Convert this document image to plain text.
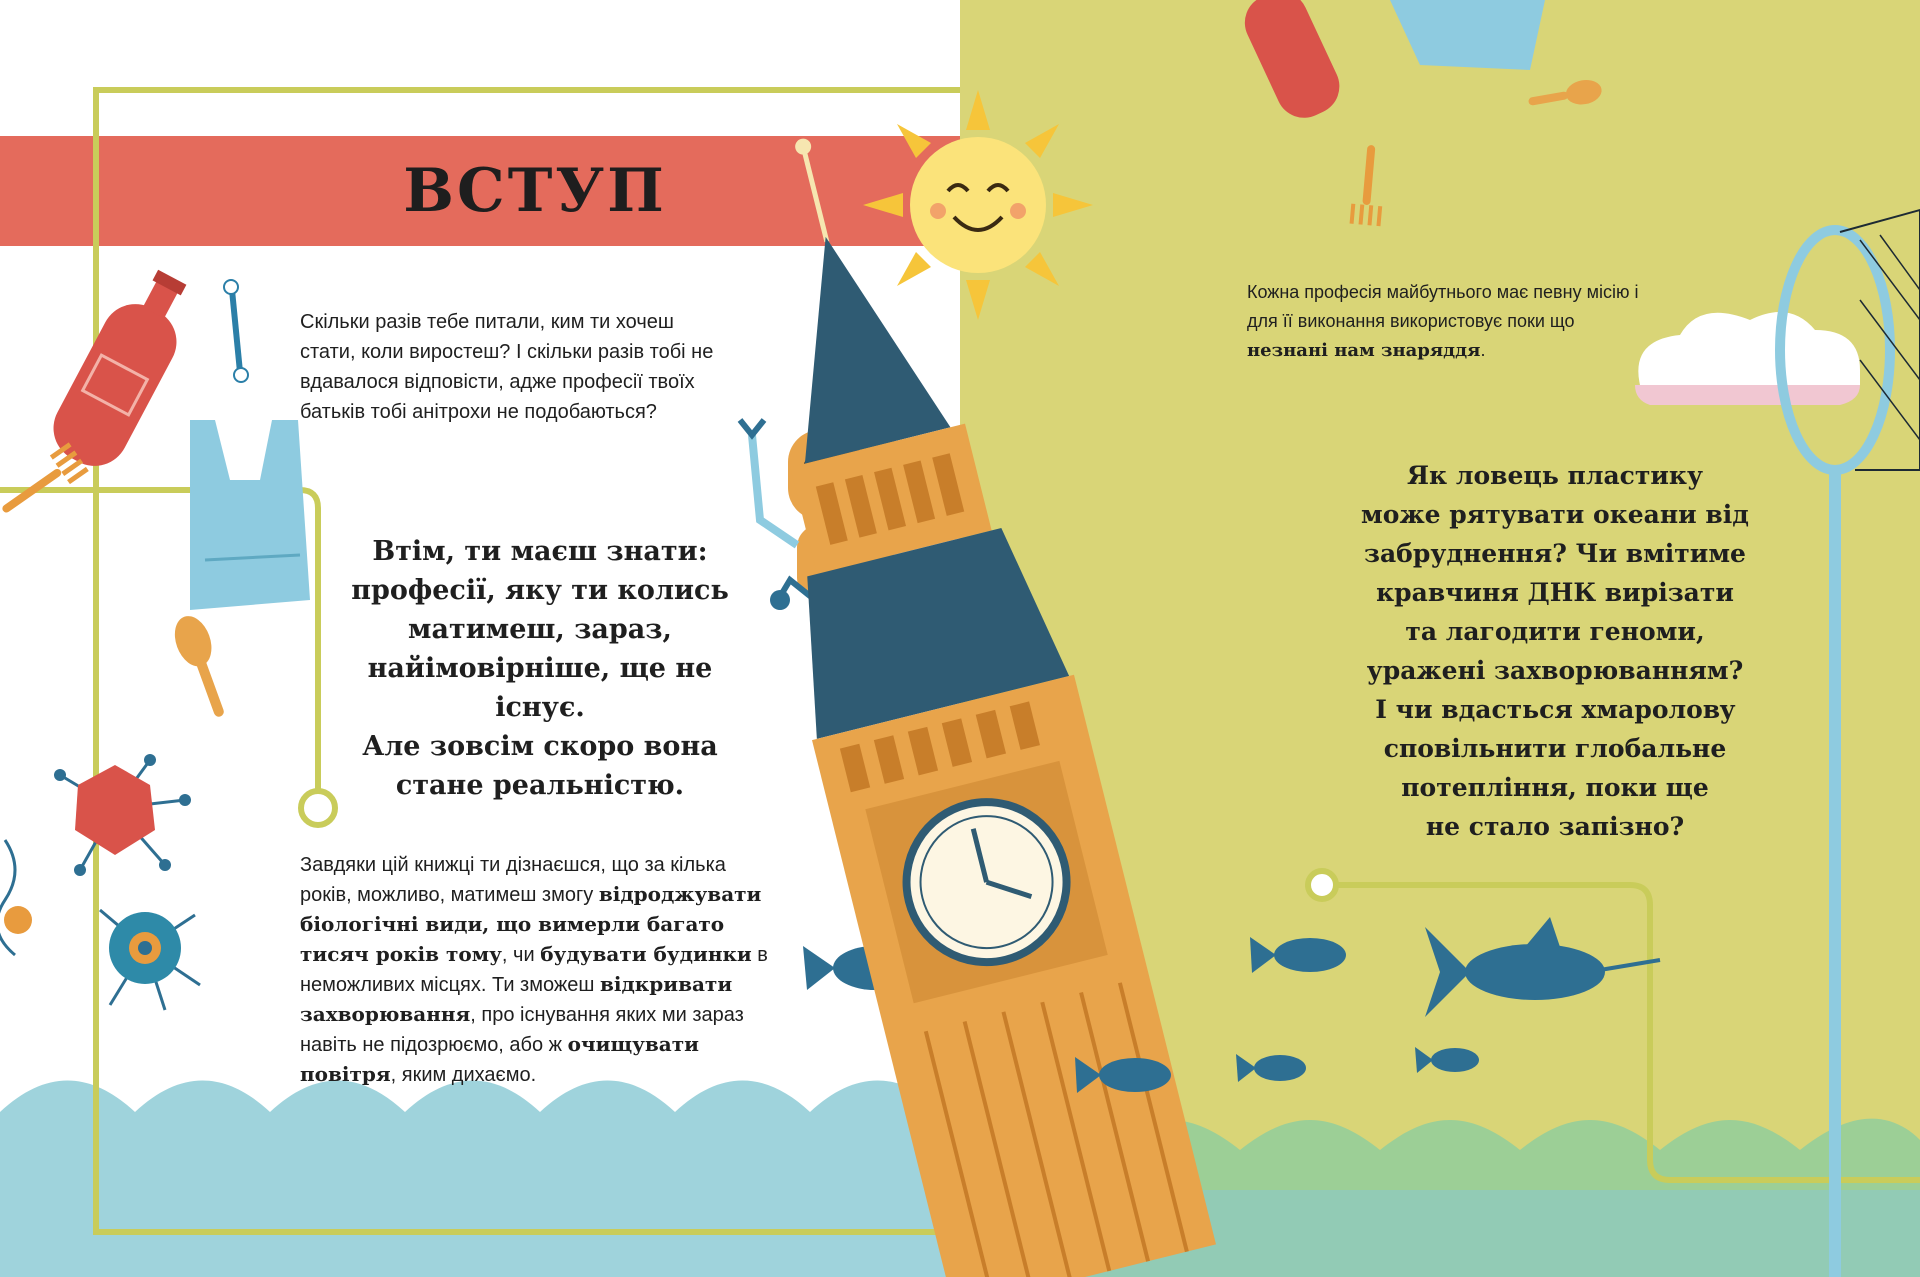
ВСТУП

Скільки разів тебе питали, ким ти хочеш стати, коли виростеш? І скільки разів тобі не вдавалося відповісти, адже професії твоїх батьків тобі анітрохи не подобаються?

Втім, ти маєш знати:
професії, яку ти колись
матимеш, зараз,
найімовірніше, ще не існує.
Але зовсім скоро вона
стане реальністю.

Завдяки цій книжці ти дізнаєшся, що за кілька років, можливо, матимеш змогу відроджувати біологічні види, що вимерли багато тисяч років тому, чи будувати будинки в неможливих місцях. Ти зможеш відкривати захворювання, про існування яких ми зараз навіть не підозрюємо, або ж очищувати повітря, яким дихаємо.

Кожна професія майбутнього має певну місію і для її виконання використовує поки що незнані нам знаряддя.

Як ловець пластику
може рятувати океани від
забруднення? Чи вмітиме
кравчиня ДНК вирізати
та лагодити геноми,
уражені захворюванням?
І чи вдасться хмароловy
сповільнити глобальне
потепління, поки ще
не стало запізно?
